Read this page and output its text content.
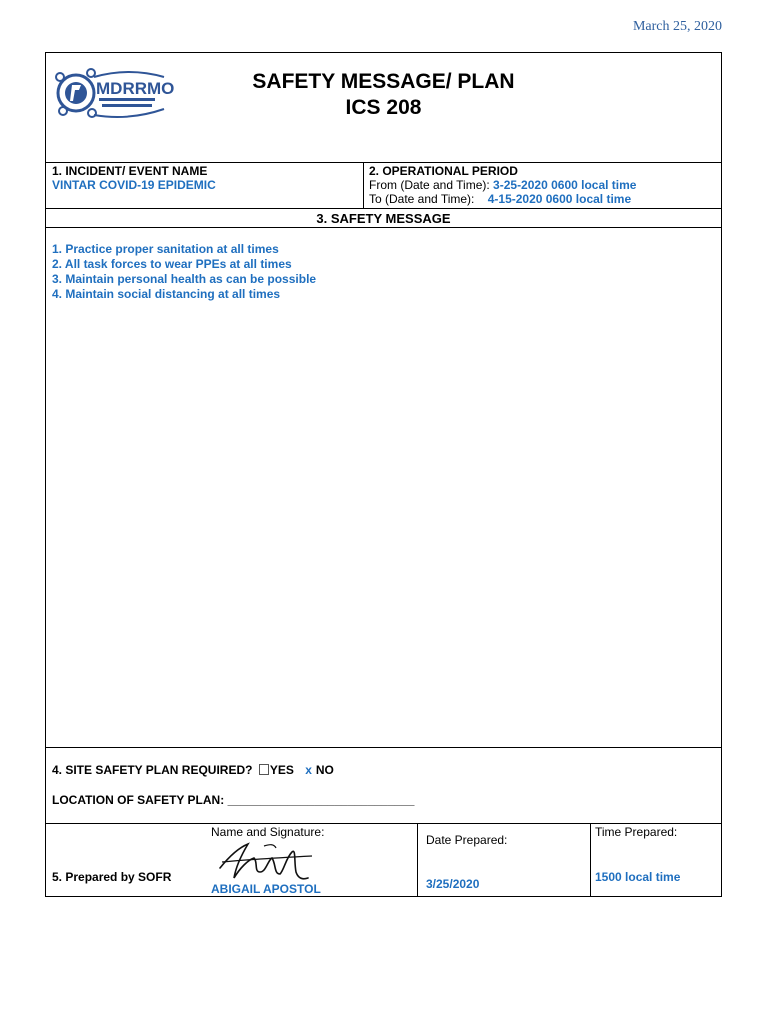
March 25, 2020
MDRRMO	SAFETY MESSAGE/ PLAN
ICS 208
1. INCIDENT/ EVENT NAME
VINTAR COVID-19 EPIDEMIC
2. OPERATIONAL PERIOD
From (Date and Time): 3-25-2020 0600 local time
To (Date and Time): 4-15-2020 0600 local time
3. SAFETY MESSAGE
1. Practice proper sanitation at all times
2. All task forces to wear PPEs at all times
3. Maintain personal health as can be possible
4. Maintain social distancing at all times
4. SITE SAFETY PLAN REQUIRED? YES x NO
LOCATION OF SAFETY PLAN: ____________________________
5. Prepared by SOFR
Name and Signature:
ABIGAIL APOSTOL
Date Prepared:
3/25/2020
Time Prepared:
1500 local time
